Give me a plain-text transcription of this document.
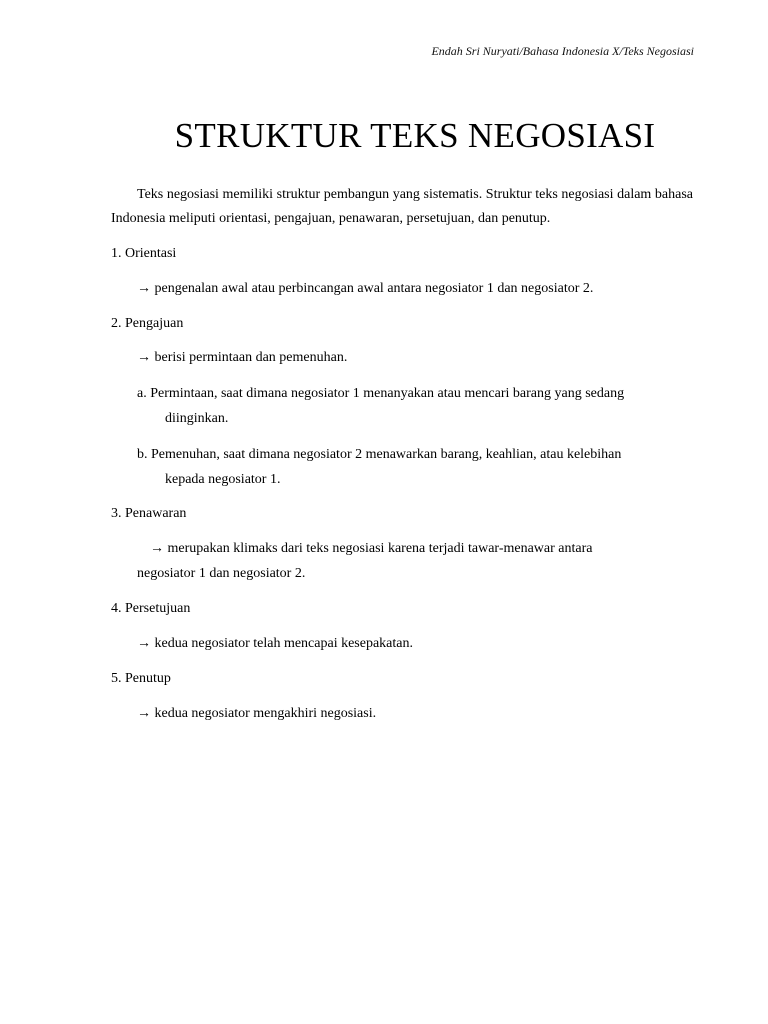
Endah Sri Nuryati/Bahasa Indonesia X/Teks Negosiasi
STRUKTUR TEKS NEGOSIASI

Teks negosiasi memiliki struktur pembangun yang sistematis. Struktur teks negosiasi dalam bahasa Indonesia meliputi orientasi, pengajuan, penawaran, persetujuan, dan penutup.

1. Orientasi
→ pengenalan awal atau perbincangan awal antara negosiator 1 dan negosiator 2.
2. Pengajuan
→ berisi permintaan dan pemenuhan.
a. Permintaan, saat dimana negosiator 1 menanyakan atau mencari barang yang sedang
diinginkan.
b. Pemenuhan, saat dimana negosiator 2 menawarkan barang, keahlian, atau kelebihan
kepada negosiator 1.
3. Penawaran
→ merupakan klimaks dari teks negosiasi karena terjadi tawar-menawar antara
negosiator 1 dan negosiator 2.
4. Persetujuan
→ kedua negosiator telah mencapai kesepakatan.
5. Penutup
→ kedua negosiator mengakhiri negosiasi.
